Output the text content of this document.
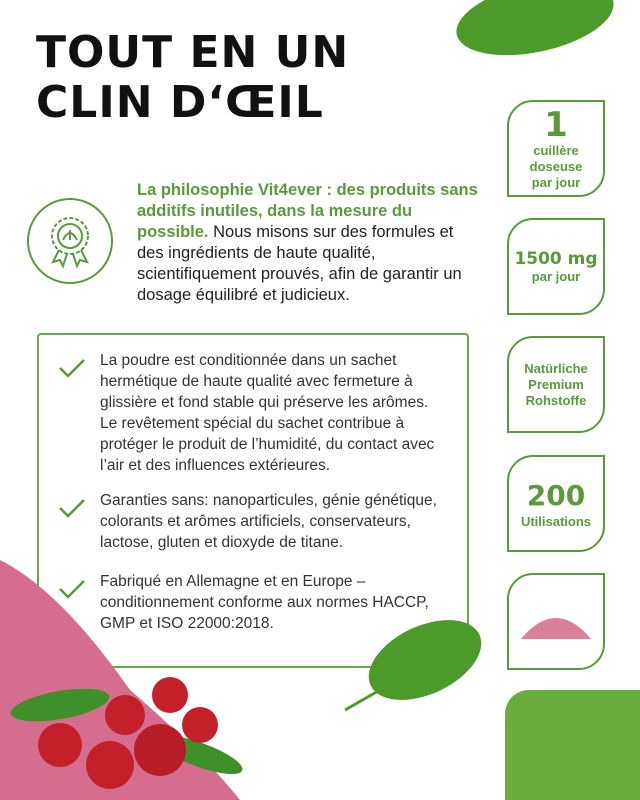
TOUT EN UN
CLIN D‘ŒIL
La philosophie Vit4ever : des produits sans additifs inutiles, dans la mesure du possible. Nous misons sur des formules et des ingrédients de haute qualité, scientifiquement prouvés, afin de garantir un dosage équilibré et judicieux.
La poudre est conditionnée dans un sachet hermétique de haute qualité avec fermeture à glissière et fond stable qui préserve les arômes. Le revêtement spécial du sachet contribue à protéger le produit de l’humidité, du contact avec l’air et des influences extérieures.
Garanties sans: nanoparticules, génie génétique, colorants et arômes artificiels, conservateurs, lactose, gluten et dioxyde de titane.
Fabriqué en Allemagne et en Europe – conditionnement conforme aux normes HACCP, GMP et ISO 22000:2018.
1
cuillère doseuse par jour
1500 mg
par jour
Natürliche Premium Rohstoffe
200
Utilisations
